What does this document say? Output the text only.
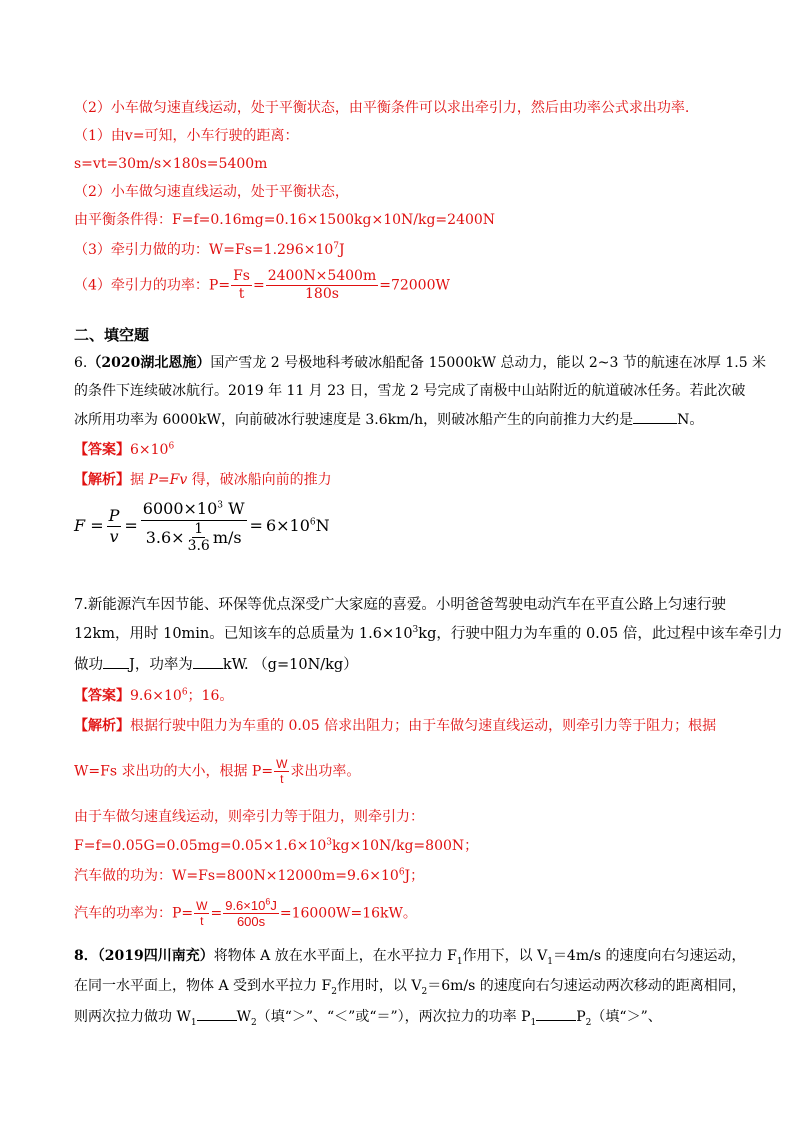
（2）小车做匀速直线运动，处于平衡状态，由平衡条件可以求出牵引力，然后由功率公式求出功率.
（1）由v=可知，小车行驶的距离：
s=vt=30m/s×180s=5400m
（2）小车做匀速直线运动，处于平衡状态，
由平衡条件得：F=f=0.16mg=0.16×1500kg×10N/kg=2400N
（3）牵引力做的功：$W=Fs=1.296\times 10^7J$
（4）牵引力的功率：$P= \frac{Fs}{t} = \frac{2400N\times 5400m}{180s} =72000W$
二、填空题
6.（2020湖北恩施）国产雪龙 2 号极地科考破冰船配备 15000kW 总动力，能以 2~3 节的航速在冰厚 1.5 米
的条件下连续破冰航行。2019 年 11 月 23 日，雪龙 2 号完成了南极中山站附近的航道破冰任务。若此次破
冰所用功率为 6000kW，向前破冰行驶速度是 3.6km/h，则破冰船产生的向前推力大约是	N。
【答案】$6\times 10^6$
【解析】据 P=Fv 得，破冰船向前的推力
$F = \frac{P}{v} = \frac{6000\times 10^3 W}{3.6\times \frac{1}{3.6} m/s} = 6\times 10^6N$
7.新能源汽车因节能、环保等优点深受广大家庭的喜爱。小明爸爸驾驶电动汽车在平直公路上匀速行驶
12km，用时 10min。已知该车的总质量为 $1.6\times 10^3kg$，行驶中阻力为车重的 0.05 倍，此过程中该车牵引力
做功 J，功率为 kW. （g=10N/kg）
【答案】$9.6\times 10^6$；16。
【解析】根据行驶中阻力为车重的 0.05 倍求出阻力；由于车做匀速直线运动，则牵引力等于阻力；根据
W=Fs 求出功的大小，根据 $P= \frac{W}{t}$ 求出功率。
由于车做匀速直线运动，则牵引力等于阻力，则牵引力：
$F=f=0.05G=0.05mg=0.05\times 1.6\times 10^3kg\times 10N/kg=800N$；
汽车做的功为：$W=Fs=800N\times 12000m=9.6\times 10^6J$；
汽车的功率为：$P= \frac{W}{t} = \frac{9.6\times 10^6J}{600s} =16000W=16kW$。
8．（2019四川南充）将物体 A 放在水平面上，在水平拉力 $F_1$作用下，以 $V_1=4m/s$ 的速度向右匀速运动，
在同一水平面上，物体 A 受到水平拉力 $F_2$作用时，以 $V_2=6m/s$ 的速度向右匀速运动两次移动的距离相同，
则两次拉力做功 $W_1$	$W_2$（填“＞”、“＜”或“＝”），两次拉力的功率 $P_1$	$P_2$（填“＞”、
